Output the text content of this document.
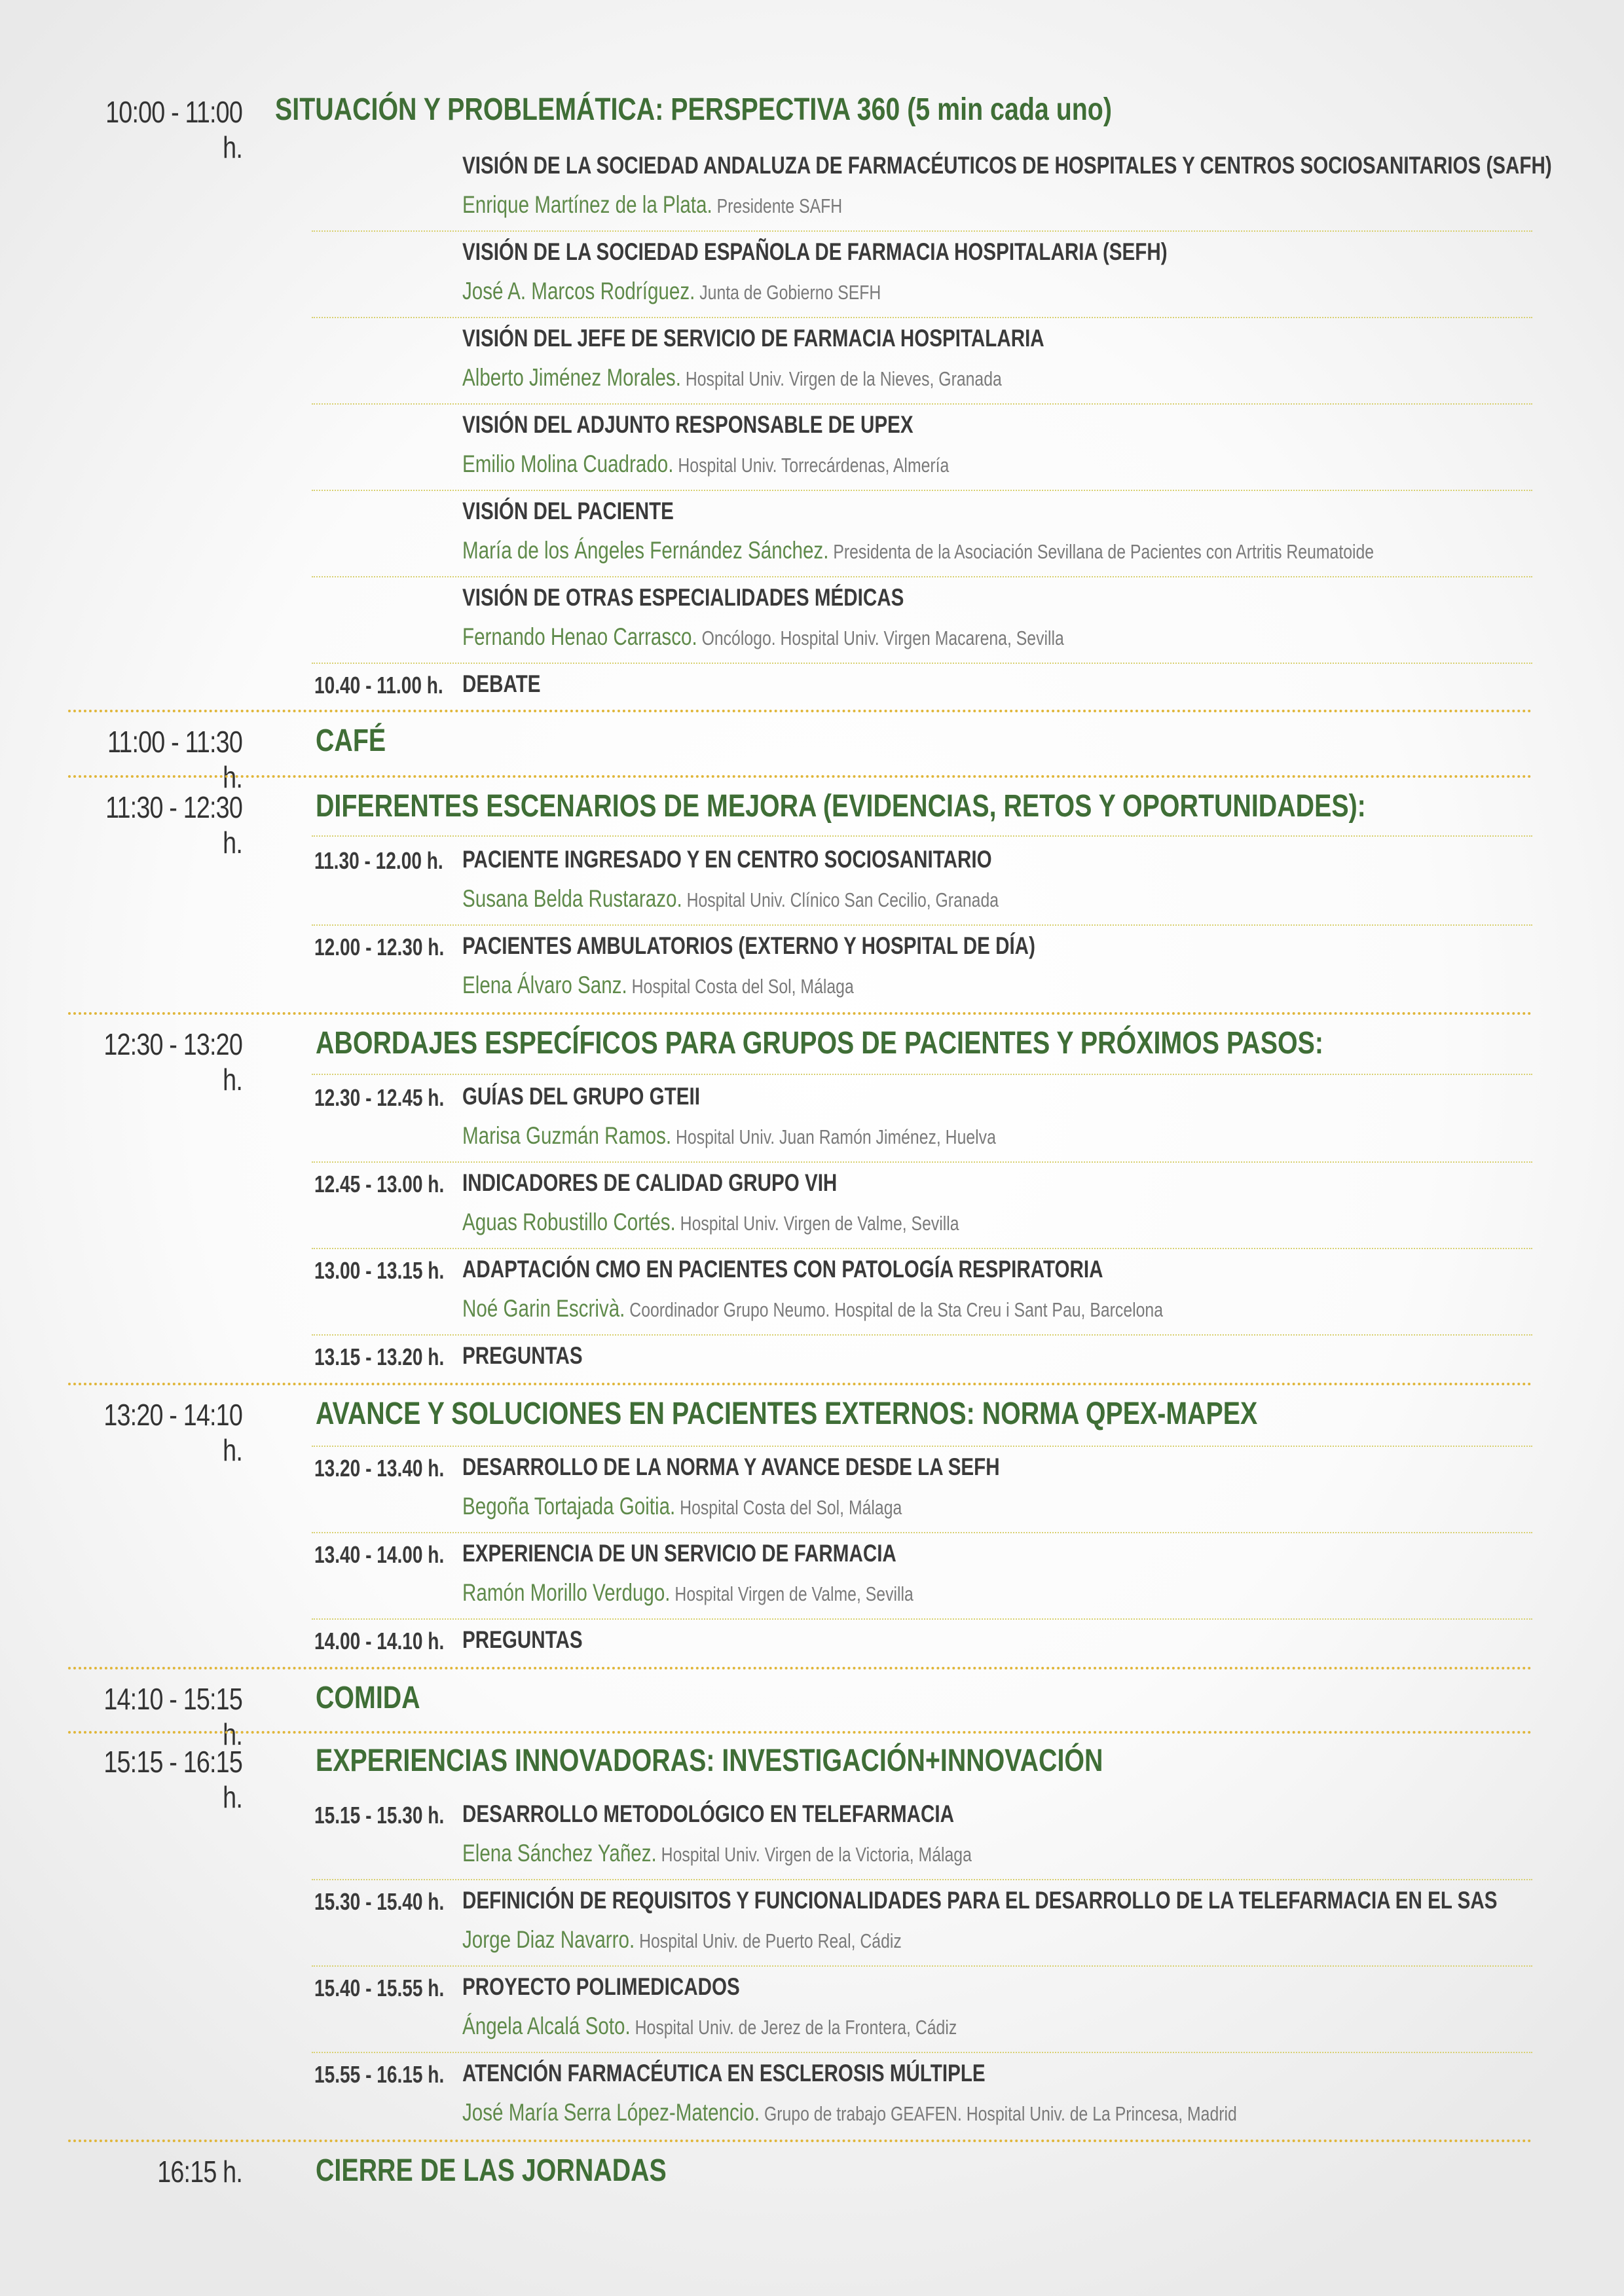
10:00 - 11:00 h.
SITUACIÓN Y PROBLEMÁTICA: PERSPECTIVA 360 (5 min cada uno)
VISIÓN DE LA SOCIEDAD ANDALUZA DE FARMACÉUTICOS DE HOSPITALES Y CENTROS SOCIOSANITARIOS (SAFH)
Enrique Martínez de la Plata. Presidente SAFH
VISIÓN DE LA SOCIEDAD ESPAÑOLA DE FARMACIA HOSPITALARIA (SEFH)
José A. Marcos Rodríguez. Junta de Gobierno SEFH
VISIÓN DEL JEFE DE SERVICIO DE FARMACIA HOSPITALARIA
Alberto Jiménez Morales. Hospital Univ. Virgen de la Nieves, Granada
VISIÓN DEL ADJUNTO RESPONSABLE DE UPEX
Emilio Molina Cuadrado. Hospital Univ. Torrecárdenas, Almería
VISIÓN DEL PACIENTE
María de los Ángeles Fernández Sánchez. Presidenta de la Asociación Sevillana de Pacientes con Artritis Reumatoide
VISIÓN DE OTRAS ESPECIALIDADES MÉDICAS
Fernando Henao Carrasco. Oncólogo. Hospital Univ. Virgen Macarena, Sevilla
10.40 - 11.00 h. DEBATE
11:00 - 11:30 h.
CAFÉ
11:30 - 12:30 h.
DIFERENTES ESCENARIOS DE MEJORA (EVIDENCIAS, RETOS Y OPORTUNIDADES):
11.30 - 12.00 h. PACIENTE INGRESADO Y EN CENTRO SOCIOSANITARIO
Susana Belda Rustarazo. Hospital Univ. Clínico San Cecilio, Granada
12.00 - 12.30 h. PACIENTES AMBULATORIOS (EXTERNO Y HOSPITAL DE DÍA)
Elena Álvaro Sanz. Hospital Costa del Sol, Málaga
12:30 - 13:20 h.
ABORDAJES ESPECÍFICOS PARA GRUPOS DE PACIENTES Y PRÓXIMOS PASOS:
12.30 - 12.45 h. GUÍAS DEL GRUPO GTEII
Marisa Guzmán Ramos. Hospital Univ. Juan Ramón Jiménez, Huelva
12.45 - 13.00 h. INDICADORES DE CALIDAD GRUPO VIH
Aguas Robustillo Cortés. Hospital Univ. Virgen de Valme, Sevilla
13.00 - 13.15 h. ADAPTACIÓN CMO EN PACIENTES CON PATOLOGÍA RESPIRATORIA
Noé Garin Escrivà. Coordinador Grupo Neumo. Hospital de la Sta Creu i Sant Pau, Barcelona
13.15 - 13.20 h. PREGUNTAS
13:20 - 14:10 h.
AVANCE Y SOLUCIONES EN PACIENTES EXTERNOS: NORMA QPEX-MAPEX
13.20 - 13.40 h. DESARROLLO DE LA NORMA Y AVANCE DESDE LA SEFH
Begoña Tortajada Goitia. Hospital Costa del Sol, Málaga
13.40 - 14.00 h. EXPERIENCIA DE UN SERVICIO DE FARMACIA
Ramón Morillo Verdugo. Hospital Virgen de Valme, Sevilla
14.00 - 14.10 h. PREGUNTAS
14:10 - 15:15 h.
COMIDA
15:15 - 16:15 h.
EXPERIENCIAS INNOVADORAS: INVESTIGACIÓN+INNOVACIÓN
15.15 - 15.30 h. DESARROLLO METODOLÓGICO EN TELEFARMACIA
Elena Sánchez Yañez. Hospital Univ. Virgen de la Victoria, Málaga
15.30 - 15.40 h. DEFINICIÓN DE REQUISITOS Y FUNCIONALIDADES PARA EL DESARROLLO DE LA TELEFARMACIA EN EL SAS
Jorge Diaz Navarro. Hospital Univ. de Puerto Real, Cádiz
15.40 - 15.55 h. PROYECTO POLIMEDICADOS
Ángela Alcalá Soto. Hospital Univ. de Jerez de la Frontera, Cádiz
15.55 - 16.15 h. ATENCIÓN FARMACÉUTICA EN ESCLEROSIS MÚLTIPLE
José María Serra López-Matencio. Grupo de trabajo GEAFEN. Hospital Univ. de La Princesa, Madrid
16:15 h. CIERRE DE LAS JORNADAS
